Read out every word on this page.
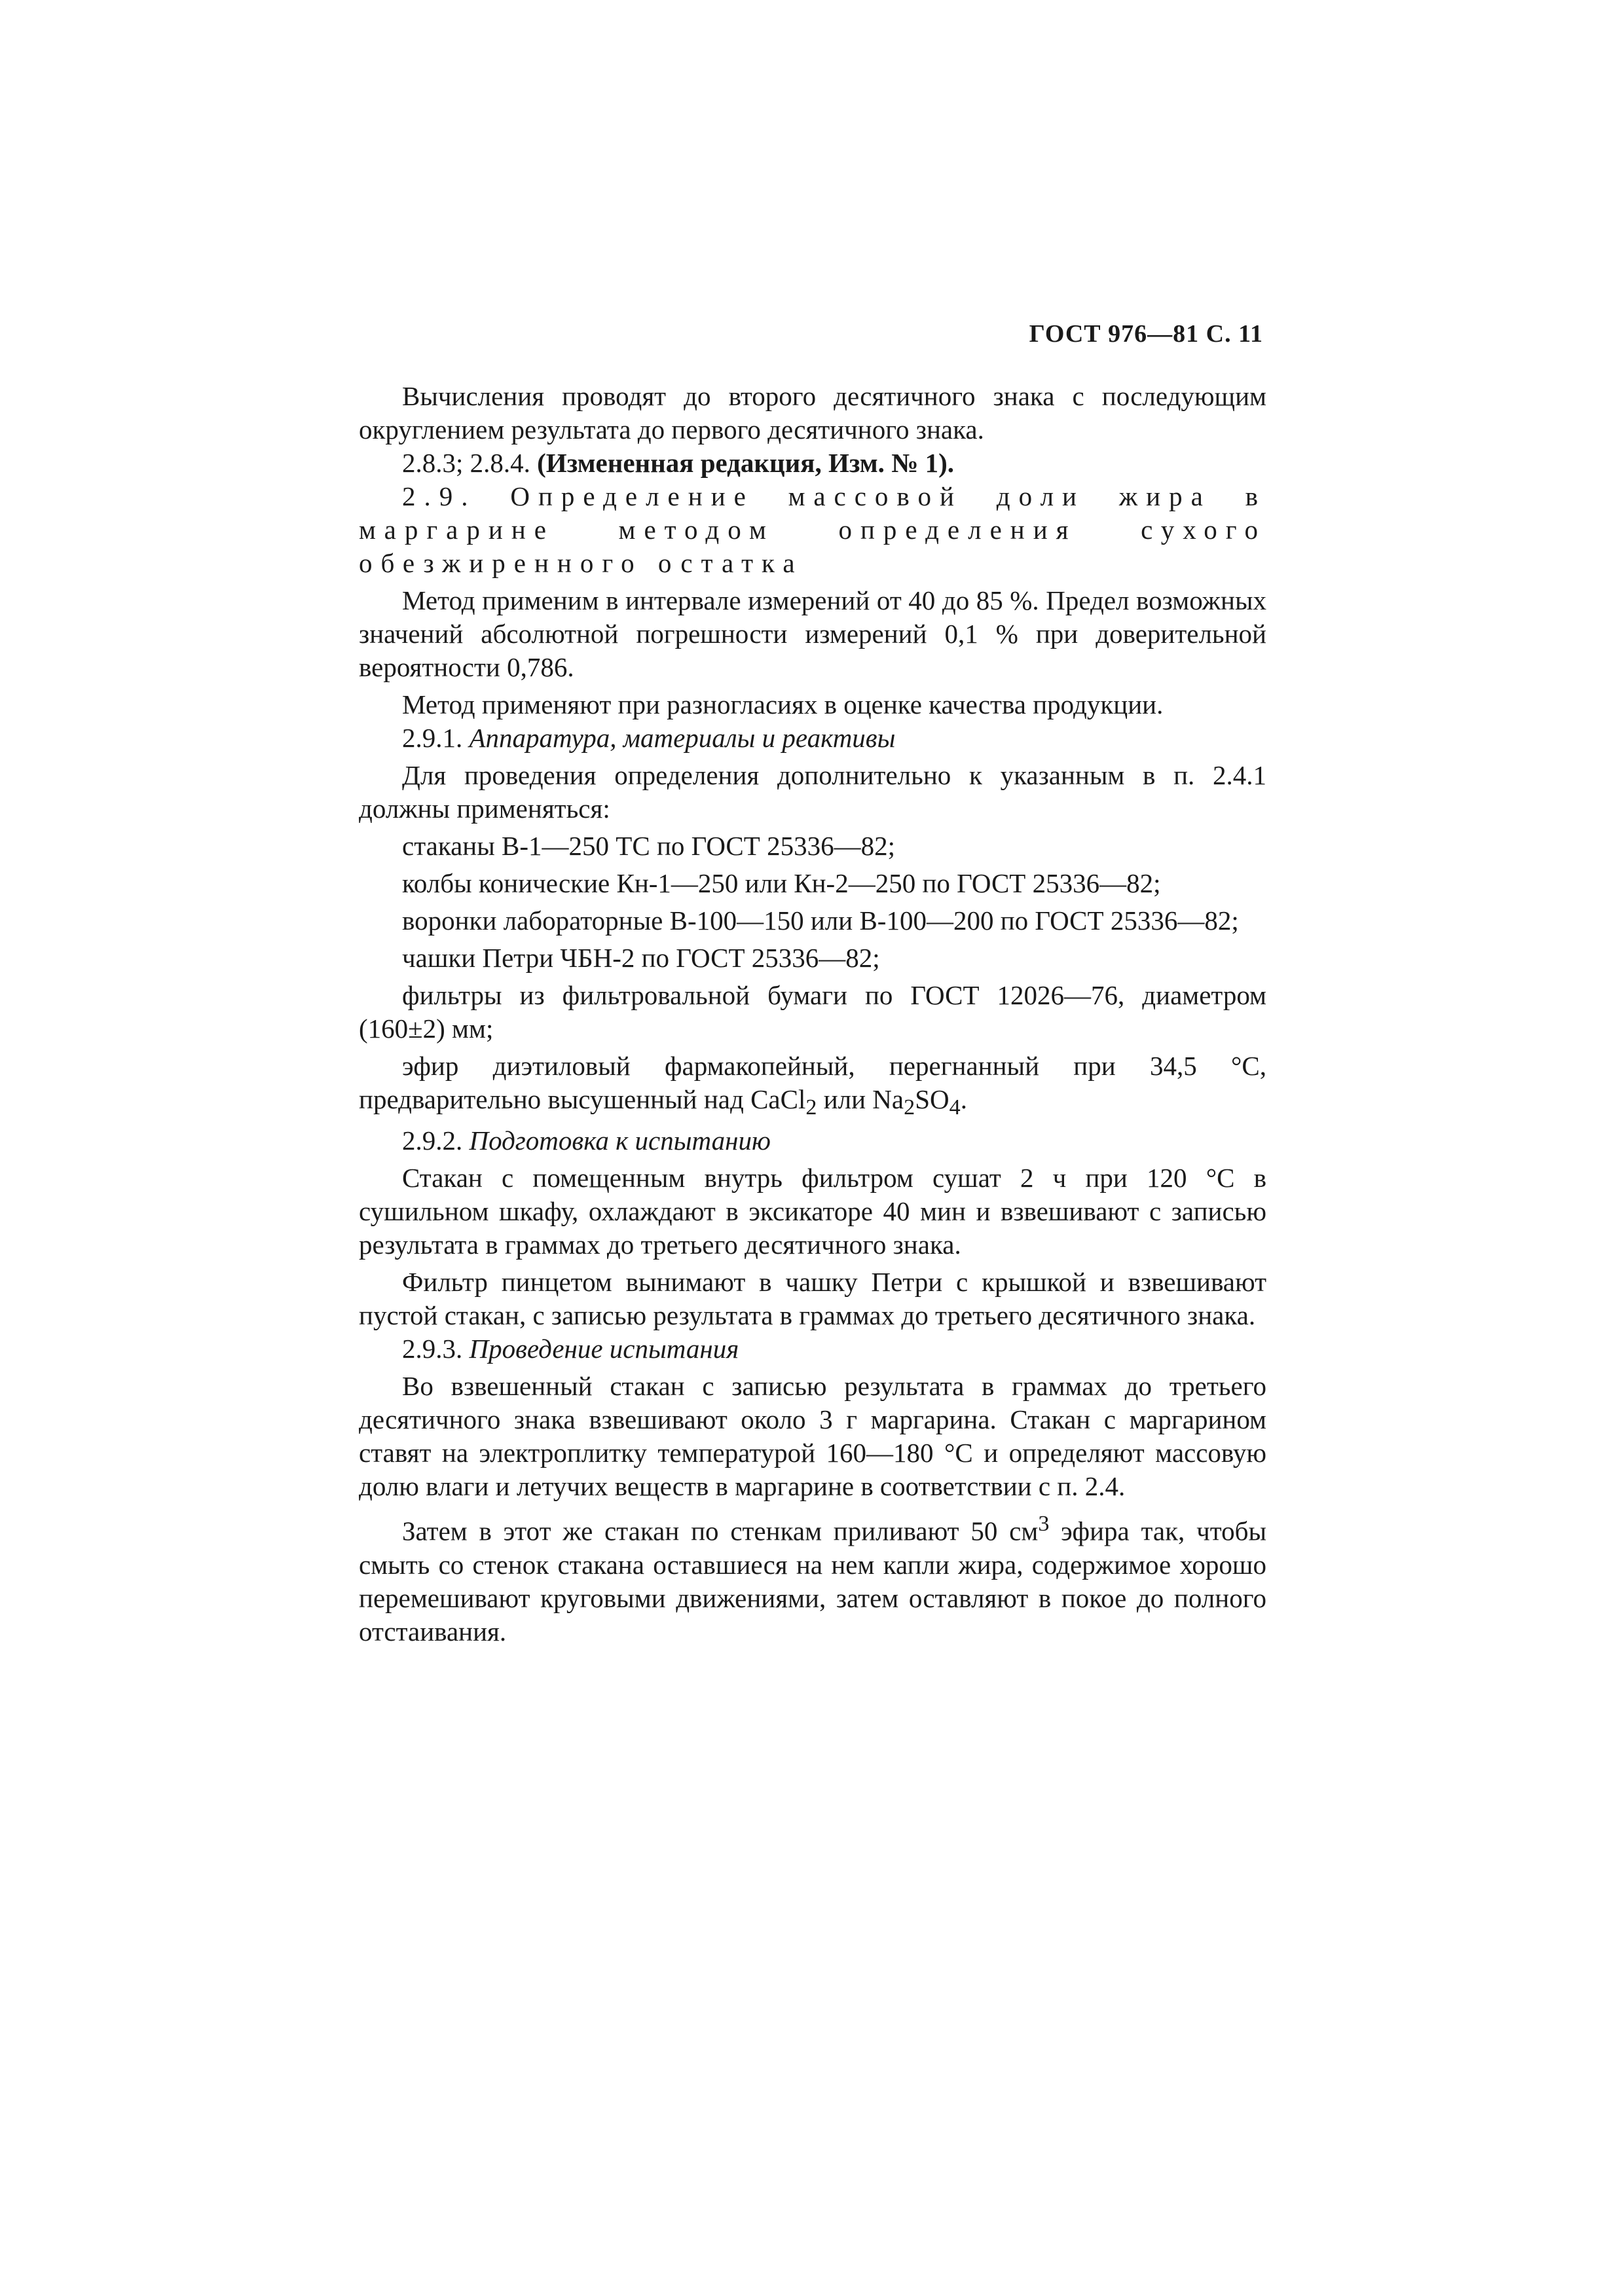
ГОСТ 976—81 С. 11

Вычисления проводят до второго десятичного знака с последующим округлением результата до первого десятичного знака.

2.8.3; 2.8.4. (Измененная редакция, Изм. № 1).

2.9. Определение массовой доли жира в маргарине методом определения сухого обезжиренного остатка

Метод применим в интервале измерений от 40 до 85 %. Предел возможных значений абсолютной погрешности измерений 0,1 % при доверительной вероятности 0,786.

Метод применяют при разногласиях в оценке качества продукции.

2.9.1. Аппаратура, материалы и реактивы

Для проведения определения дополнительно к указанным в п. 2.4.1 должны применяться:

стаканы В-1—250 ТС по ГОСТ 25336—82;

колбы конические Кн-1—250 или Кн-2—250 по ГОСТ 25336—82;

воронки лабораторные В-100—150 или В-100—200 по ГОСТ 25336—82;

чашки Петри ЧБН-2 по ГОСТ 25336—82;

фильтры из фильтровальной бумаги по ГОСТ 12026—76, диаметром (160±2) мм;

эфир диэтиловый фармакопейный, перегнанный при 34,5 °С, предварительно высушенный над CaCl$_2$ или $Na_2SO_4$.

2.9.2. Подготовка к испытанию

Стакан с помещенным внутрь фильтром сушат 2 ч при 120 °С в сушильном шкафу, охлаждают в эксикаторе 40 мин и взвешивают с записью результата в граммах до третьего десятичного знака.

Фильтр пинцетом вынимают в чашку Петри с крышкой и взвешивают пустой стакан, с записью результата в граммах до третьего десятичного знака.

2.9.3. Проведение испытания

Во взвешенный стакан с записью результата в граммах до третьего десятичного знака взвешивают около 3 г маргарина. Стакан с маргарином ставят на электроплитку температурой 160—180 °С и определяют массовую долю влаги и летучих веществ в маргарине в соответствии с п. 2.4.

Затем в этот же стакан по стенкам приливают 50 $см^3$ эфира так, чтобы смыть со стенок стакана оставшиеся на нем капли жира, содержимое хорошо перемешивают круговыми движениями, затем оставляют в покое до полного отстаивания.
